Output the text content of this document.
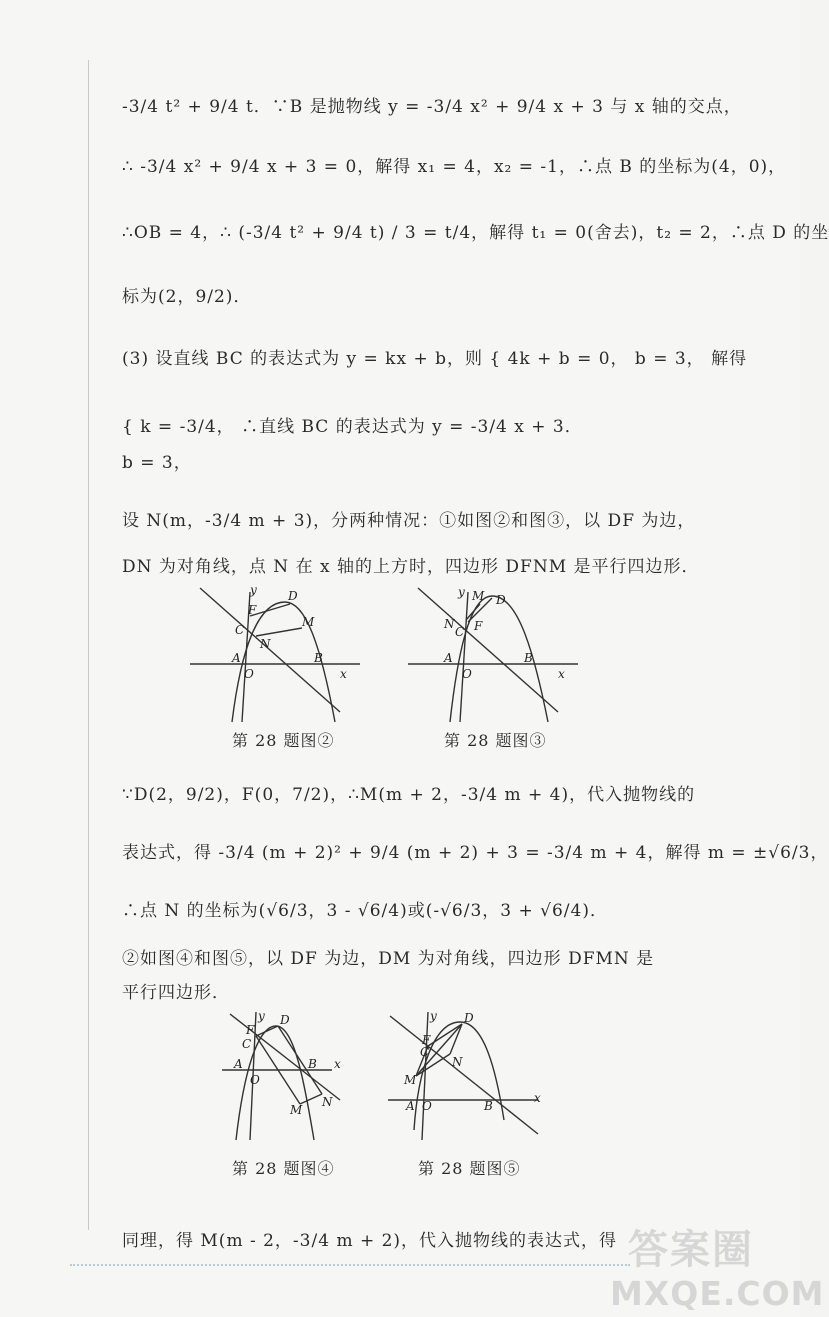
-3/4 t² + 9/4 t．∵B 是抛物线 y = -3/4 x² + 9/4 x + 3 与 x 轴的交点，
∴ -3/4 x² + 9/4 x + 3 = 0，解得 x₁ = 4，x₂ = -1，∴点 B 的坐标为(4，0)，
∴OB = 4，∴ (-3/4 t² + 9/4 t) / 3 = t/4，解得 t₁ = 0(舍去)，t₂ = 2，∴点 D 的坐
标为(2，9/2)．
(3) 设直线 BC 的表达式为 y = kx + b，则 { 4k + b = 0， b = 3， 解得
{ k = -3/4， ∴直线 BC 的表达式为 y = -3/4 x + 3．
b = 3，
设 N(m，-3/4 m + 3)，分两种情况：①如图②和图③，以 DF 为边，
DN 为对角线，点 N 在 x 轴的上方时，四边形 DFNM 是平行四边形．
y	D
F
C
M
N
A
O
B
x
第 28 题图②
y M D
N
C F
A
O
B
x
第 28 题图③
∵D(2，9/2)，F(0，7/2)，∴M(m + 2，-3/4 m + 4)，代入抛物线的
表达式，得 -3/4 (m + 2)² + 9/4 (m + 2) + 3 = -3/4 m + 4，解得 m = ±√6/3，
∴点 N 的坐标为(√6/3，3 - √6/4)或(-√6/3，3 + √6/4)．
②如图④和图⑤，以 DF 为边，DM 为对角线，四边形 DFMN 是
平行四边形．
y D
F
C
A
O
B x
M
N
第 28 题图④
y D
F
C
N
M
A O	B
x
第 28 题图⑤
同理，得 M(m - 2，-3/4 m + 2)，代入抛物线的表达式，得 答案圈
MXQE.COM
